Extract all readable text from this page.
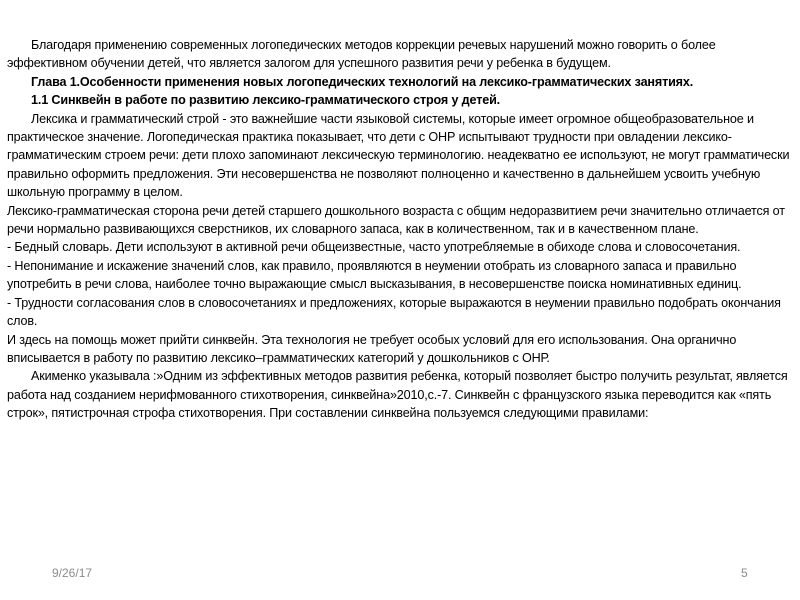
Благодаря применению современных логопедических методов коррекции речевых нарушений можно говорить о более эффективном обучении детей, что является залогом для успешного развития речи у ребенка в будущем.

Глава 1.Особенности применения новых логопедических технологий на лексико-грамматических занятиях.

1.1 Синквейн в работе по развитию лексико-грамматического строя у детей.

Лексика и грамматический строй - это важнейшие части языковой системы, которые имеет огромное общеобразовательное и практическое значение. Логопедическая практика показывает, что дети с ОНР испытывают трудности при овладении лексико-грамматическим строем речи: дети плохо запоминают лексическую терминологию. неадекватно ее используют, не могут грамматически правильно оформить предложения. Эти несовершенства не позволяют полноценно и качественно в дальнейшем усвоить учебную школьную программу в целом.

Лексико-грамматическая сторона речи детей старшего дошкольного возраста с общим недоразвитием речи значительно отличается от речи нормально развивающихся сверстников, их словарного запаса, как в количественном, так и в качественном плане.

- Бедный словарь. Дети используют в активной речи общеизвестные, часто употребляемые в обиходе слова и словосочетания.

- Непонимание и искажение значений слов, как правило, проявляются в неумении отобрать из словарного запаса и правильно употребить в речи слова, наиболее точно выражающие смысл высказывания, в несовершенстве поиска номинативных единиц.

- Трудности согласования слов в словосочетаниях и предложениях, которые выражаются в неумении правильно подобрать окончания слов.

И здесь на помощь может прийти синквейн. Эта технология не требует особых условий для его использования. Она органично вписывается в работу по развитию лексико–грамматических категорий у дошкольников с ОНР.

Акименко указывала :»Одним из эффективных методов развития ребенка, который позволяет быстро получить результат, является работа над созданием нерифмованного стихотворения, синквейна»2010,с.-7. Синквейн с французского языка переводится как «пять строк», пятистрочная строфа стихотворения. При составлении синквейна пользуемся следующими правилами:

9/26/17	5
